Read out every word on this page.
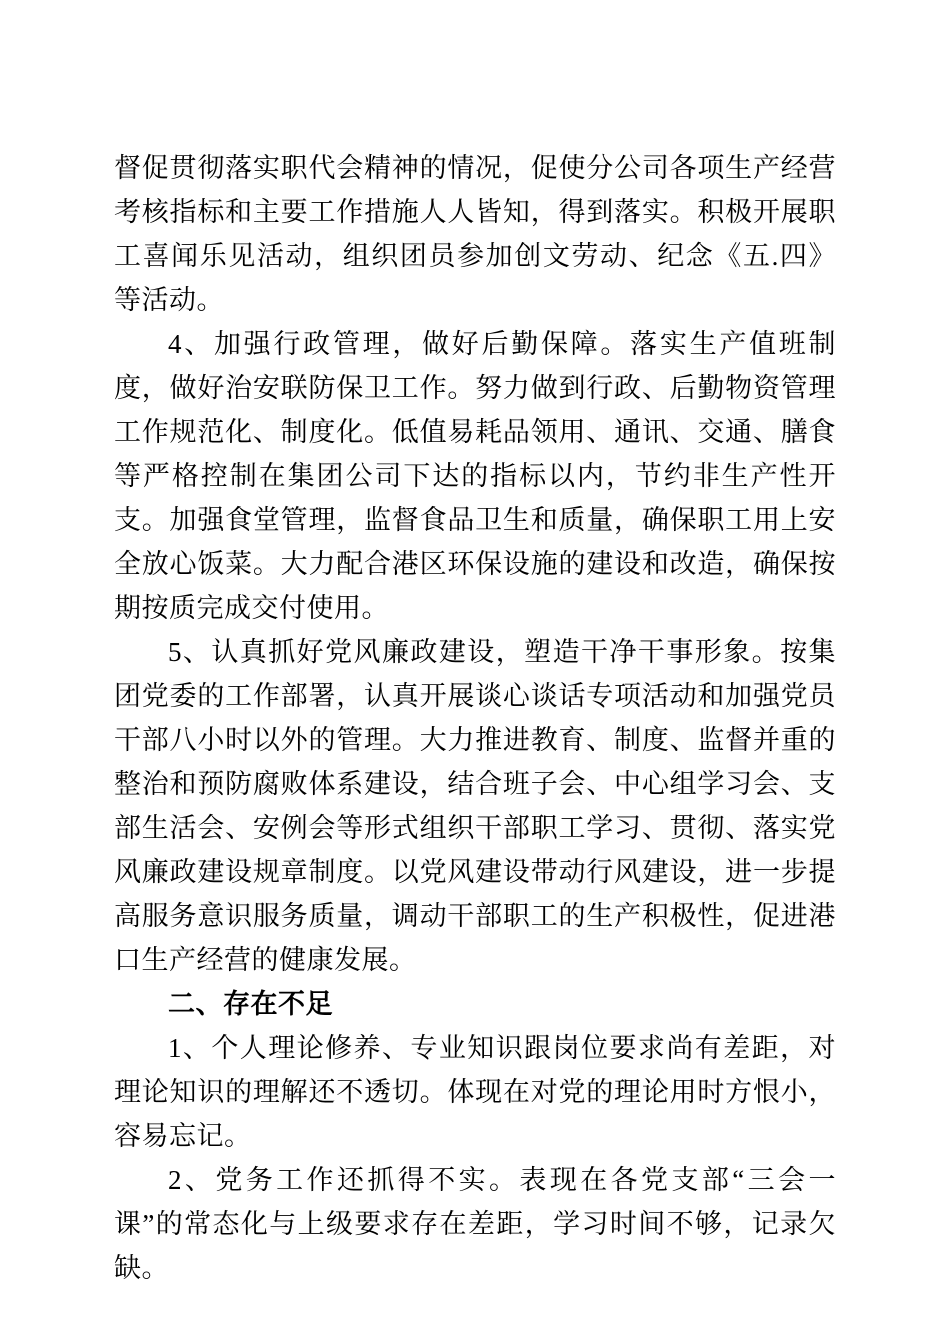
督促贯彻落实职代会精神的情况，促使分公司各项生产经营考核指标和主要工作措施人人皆知，得到落实。积极开展职工喜闻乐见活动，组织团员参加创文劳动、纪念《五.四》等活动。

4、加强行政管理，做好后勤保障。落实生产值班制度，做好治安联防保卫工作。努力做到行政、后勤物资管理工作规范化、制度化。低值易耗品领用、通讯、交通、膳食等严格控制在集团公司下达的指标以内，节约非生产性开支。加强食堂管理，监督食品卫生和质量，确保职工用上安全放心饭菜。大力配合港区环保设施的建设和改造，确保按期按质完成交付使用。

5、认真抓好党风廉政建设，塑造干净干事形象。按集团党委的工作部署，认真开展谈心谈话专项活动和加强党员干部八小时以外的管理。大力推进教育、制度、监督并重的整治和预防腐败体系建设，结合班子会、中心组学习会、支部生活会、安例会等形式组织干部职工学习、贯彻、落实党风廉政建设规章制度。以党风建设带动行风建设，进一步提高服务意识服务质量，调动干部职工的生产积极性，促进港口生产经营的健康发展。

二、存在不足

1、个人理论修养、专业知识跟岗位要求尚有差距，对理论知识的理解还不透切。体现在对党的理论用时方恨小，容易忘记。

2、党务工作还抓得不实。表现在各党支部“三会一课”的常态化与上级要求存在差距，学习时间不够，记录欠缺。
